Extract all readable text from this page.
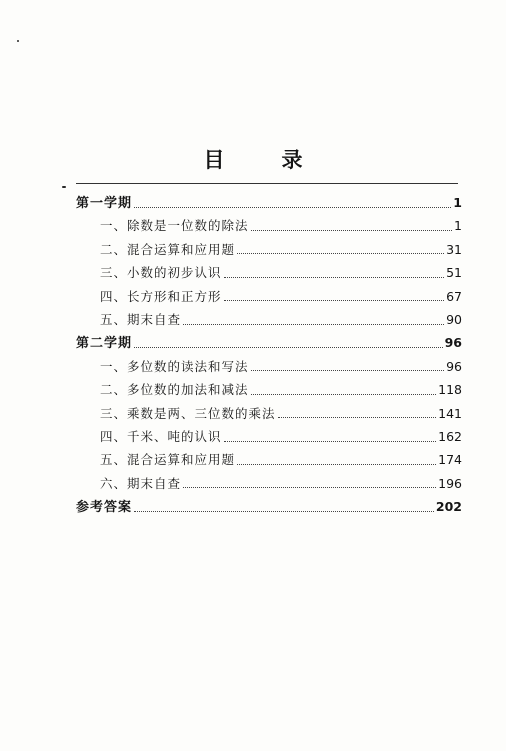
目　录
第一学期	1
一、除数是一位数的除法	1
二、混合运算和应用题	31
三、小数的初步认识	51
四、长方形和正方形	67
五、期末自查	90
第二学期	96
一、多位数的读法和写法	96
二、多位数的加法和减法	118
三、乘数是两、三位数的乘法	141
四、千米、吨的认识	162
五、混合运算和应用题	174
六、期末自查	196
参考答案	202
